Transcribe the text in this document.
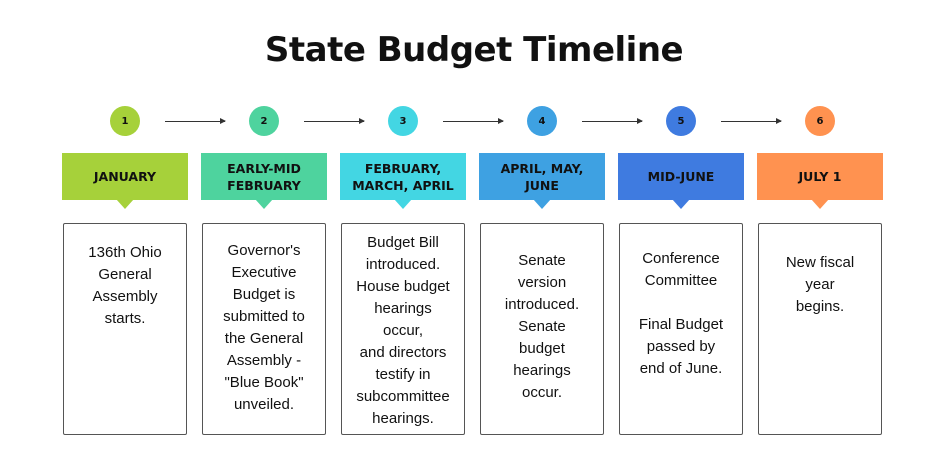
State Budget Timeline
1	2	3	4	5	6
JANUARY
EARLY-MID
FEBRUARY
FEBRUARY,
MARCH, APRIL
APRIL, MAY,
JUNE
MID-JUNE	JULY 1
136th Ohio
General
Assembly
starts.
Governor's
Executive
Budget is
submitted to
the General
Assembly -
"Blue Book"
unveiled.
Budget Bill
introduced.
House budget
hearings
occur,
and directors
testify in
subcommittee
hearings.
Senate
version
introduced.
Senate
budget
hearings
occur.
Conference
Committee

Final Budget
passed by
end of June.
New fiscal
year
begins.
